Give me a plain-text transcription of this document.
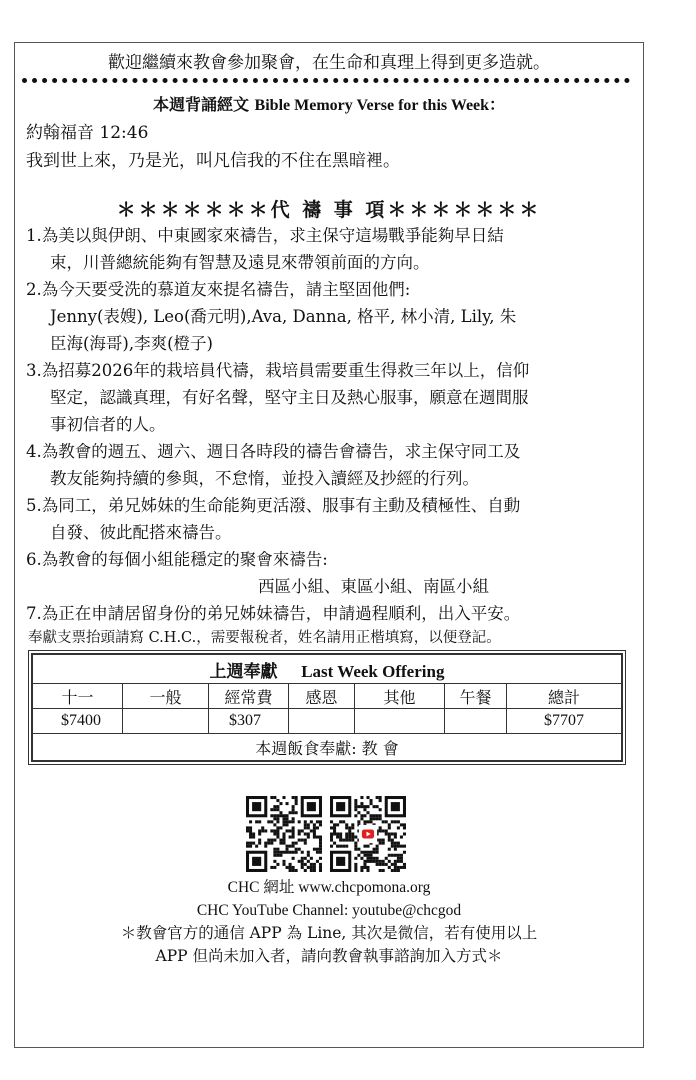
歡迎繼續來教會參加聚會，在生命和真理上得到更多造就。
本週背誦經文 Bible Memory Verse for this Week：
約翰福音 12:46
我到世上來，乃是光，叫凡信我的不住在黑暗裡。
＊＊＊＊＊＊＊代 禱 事 項＊＊＊＊＊＊＊
1.為美以與伊朗、中東國家來禱告，求主保守這場戰爭能夠早日結
束，川普總統能夠有智慧及遠見來帶領前面的方向。
2.為今天要受洗的慕道友來提名禱告，請主堅固他們:
Jenny(表嫂), Leo(喬元明),Ava, Danna, 格平, 林小清, Lily, 朱
臣海(海哥),李爽(橙子)
3.為招募2026年的栽培員代禱，栽培員需要重生得救三年以上，信仰
堅定，認識真理，有好名聲，堅守主日及熱心服事，願意在週間服
事初信者的人。
4.為教會的週五、週六、週日各時段的禱告會禱告，求主保守同工及
教友能夠持續的參與，不怠惰，並投入讀經及抄經的行列。
5.為同工，弟兄姊妹的生命能夠更活潑、服事有主動及積極性、自動
自發、彼此配搭來禱告。
6.為教會的每個小組能穩定的聚會來禱告:
西區小組、東區小組、南區小組
7.為正在申請居留身份的弟兄姊妹禱告，申請過程順利，出入平安。
奉獻支票抬頭請寫 C.H.C.，需要報稅者，姓名請用正楷填寫，以便登記。
上週奉獻 Last Week Offering						
十一	一般	經常費	感恩	其他	午餐	總計
$7400		$307				$7707
本週飯食奉獻: 教 會						
CHC 網址 www.chcpomona.org
CHC YouTube Channel: youtube@chcgod
＊教會官方的通信 APP 為 Line, 其次是微信，若有使用以上
APP 但尚未加入者，請向教會執事諮詢加入方式＊
